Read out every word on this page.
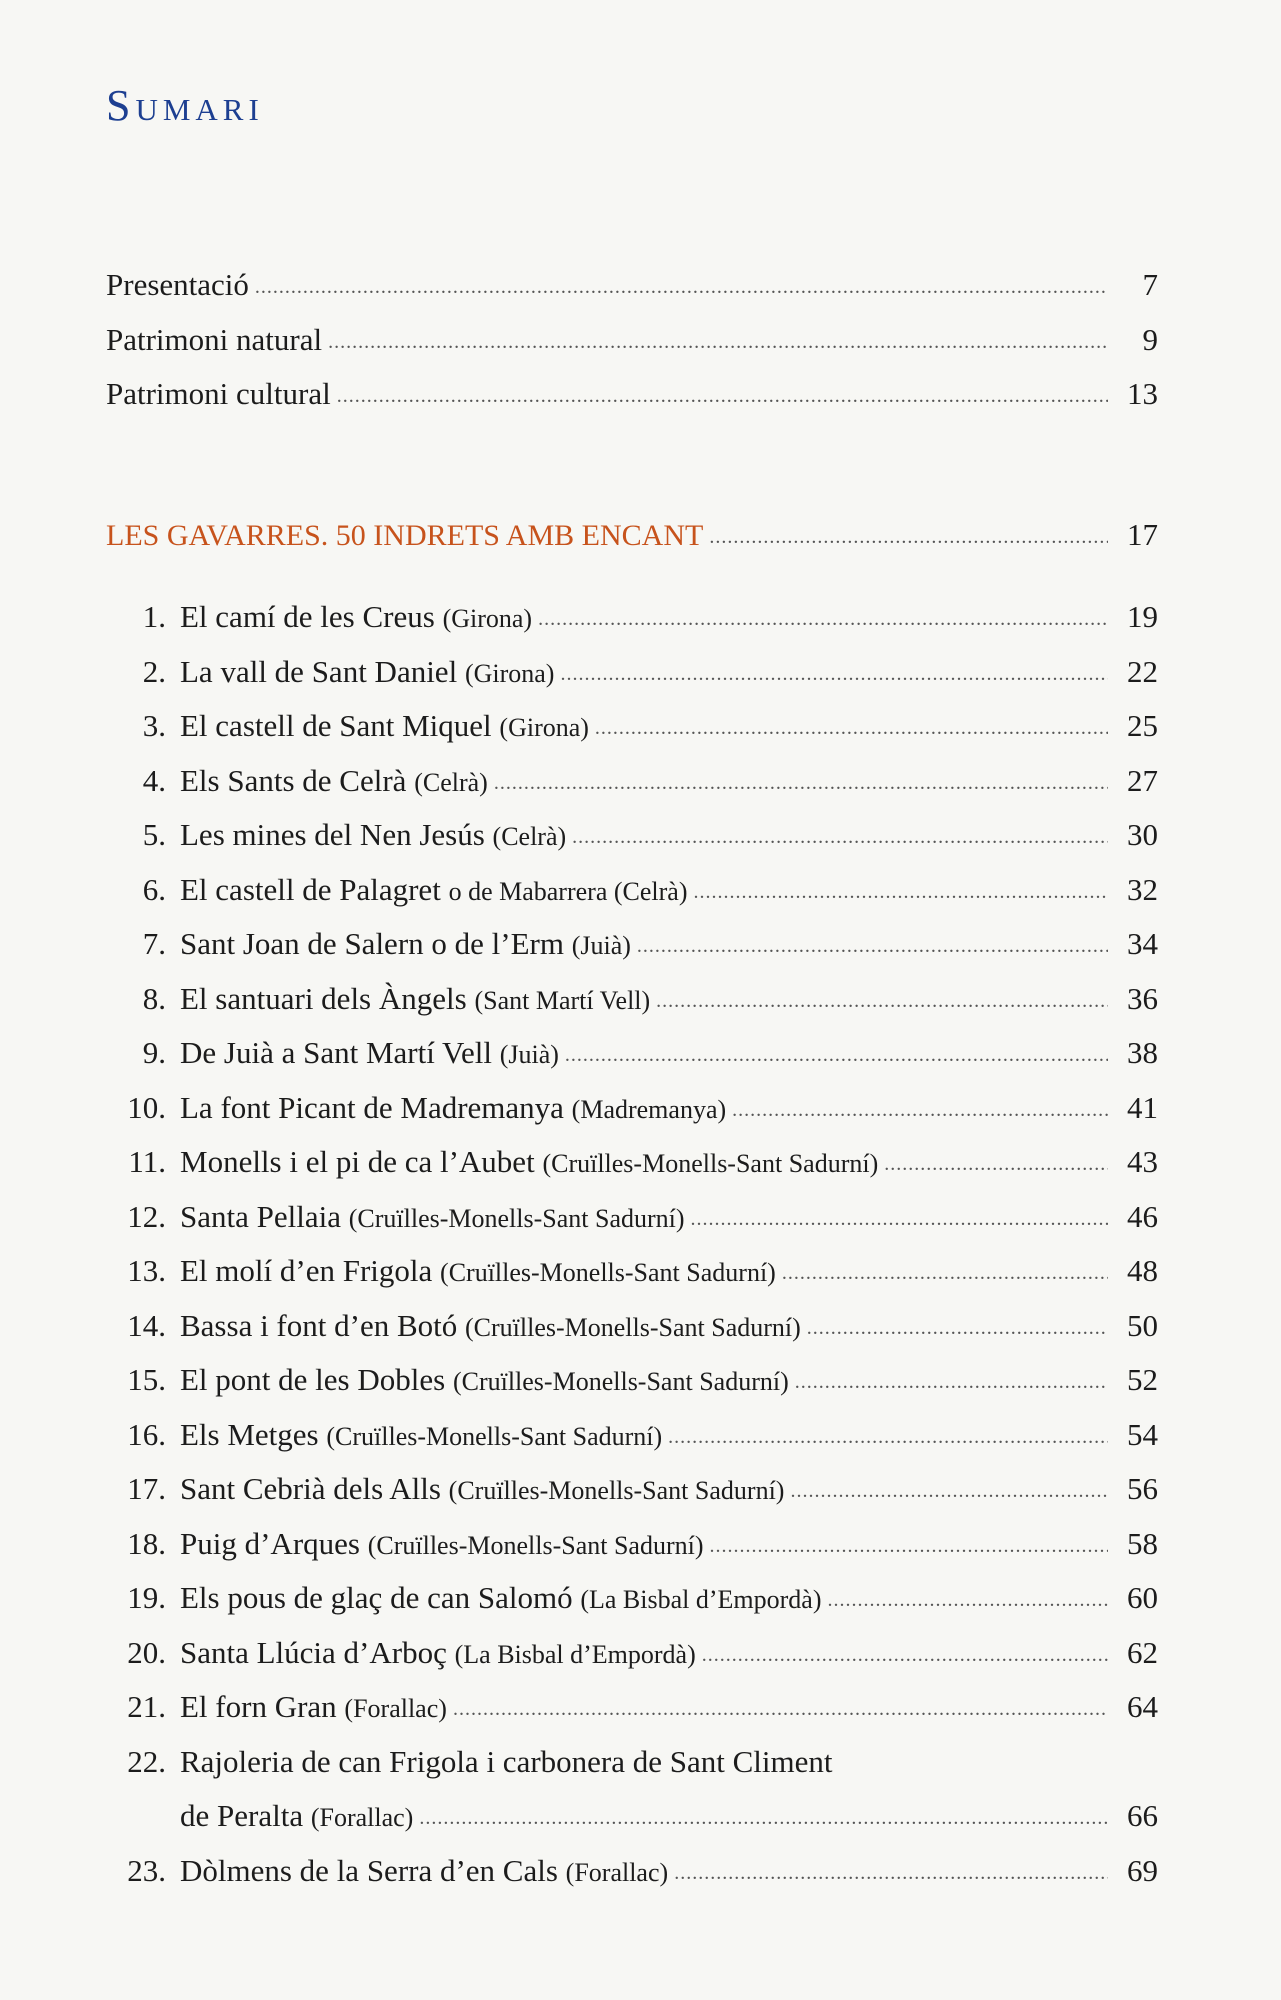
Sumari
Presentació .....	7
Patrimoni natural .....	9
Patrimoni cultural .....	13
LES GAVARRES. 50 INDRETS AMB ENCANT .....	17
1. El camí de les Creus (Girona) .....	19
2. La vall de Sant Daniel (Girona) .....	22
3. El castell de Sant Miquel (Girona) .....	25
4. Els Sants de Celrà (Celrà) .....	27
5. Les mines del Nen Jesús (Celrà) .....	30
6. El castell de Palagret o de Mabarrera (Celrà) .....	32
7. Sant Joan de Salern o de l’Erm (Juià) .....	34
8. El santuari dels Àngels (Sant Martí Vell) .....	36
9. De Juià a Sant Martí Vell (Juià) .....	38
10. La font Picant de Madremanya (Madremanya) .....	41
11. Monells i el pi de ca l’Aubet (Cruïlles-Monells-Sant Sadurní) .....	43
12. Santa Pellaia (Cruïlles-Monells-Sant Sadurní) .....	46
13. El molí d’en Frigola (Cruïlles-Monells-Sant Sadurní) .....	48
14. Bassa i font d’en Botó (Cruïlles-Monells-Sant Sadurní) .....	50
15. El pont de les Dobles (Cruïlles-Monells-Sant Sadurní) .....	52
16. Els Metges (Cruïlles-Monells-Sant Sadurní) .....	54
17. Sant Cebrià dels Alls (Cruïlles-Monells-Sant Sadurní) .....	56
18. Puig d’Arques (Cruïlles-Monells-Sant Sadurní) .....	58
19. Els pous de glaç de can Salomó (La Bisbal d’Empordà) .....	60
20. Santa Llúcia d’Arboç (La Bisbal d’Empordà) .....	62
21. El forn Gran (Forallac) .....	64
22. Rajoleria de can Frigola i carbonera de Sant Climent
de Peralta (Forallac) .....	66
23. Dòlmens de la Serra d’en Cals (Forallac) .....	69
